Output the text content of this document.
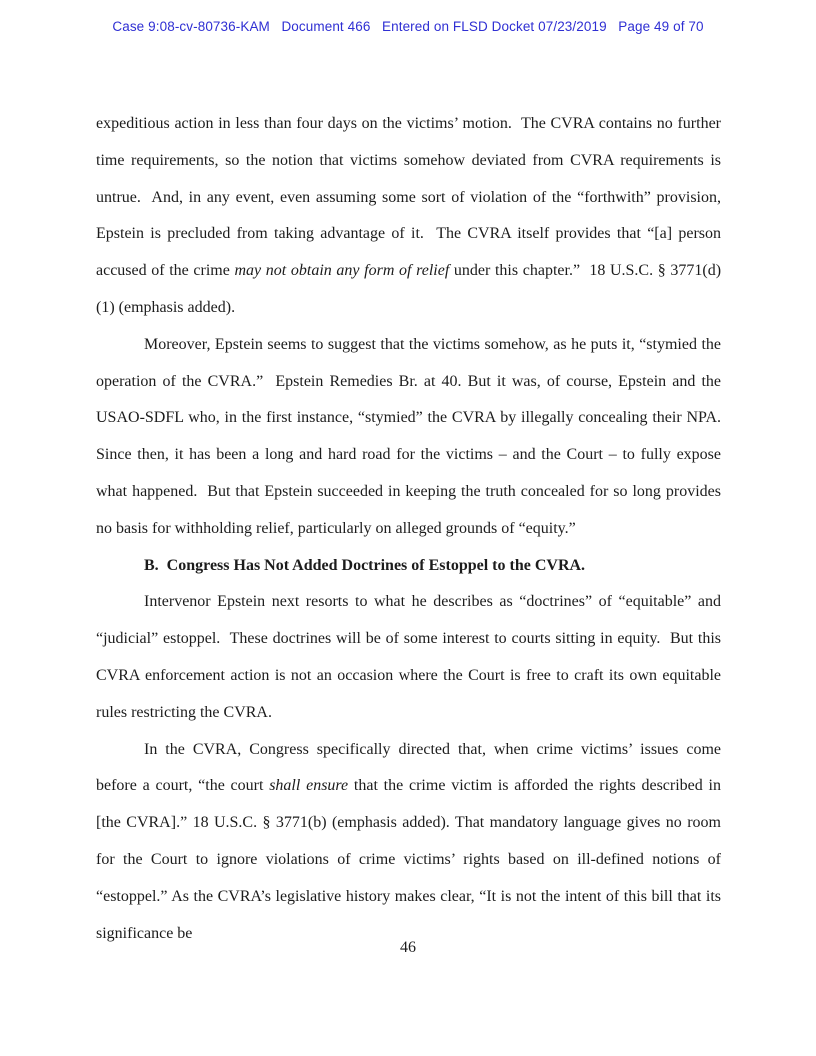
Case 9:08-cv-80736-KAM   Document 466   Entered on FLSD Docket 07/23/2019   Page 49 of 70

expeditious action in less than four days on the victims’ motion.  The CVRA contains no further time requirements, so the notion that victims somehow deviated from CVRA requirements is untrue.  And, in any event, even assuming some sort of violation of the “forthwith” provision, Epstein is precluded from taking advantage of it.  The CVRA itself provides that “[a] person accused of the crime may not obtain any form of relief under this chapter.”  18 U.S.C. § 3771(d)(1) (emphasis added).

Moreover, Epstein seems to suggest that the victims somehow, as he puts it, “stymied the operation of the CVRA.”  Epstein Remedies Br. at 40. But it was, of course, Epstein and the USAO-SDFL who, in the first instance, “stymied” the CVRA by illegally concealing their NPA. Since then, it has been a long and hard road for the victims – and the Court – to fully expose what happened.  But that Epstein succeeded in keeping the truth concealed for so long provides no basis for withholding relief, particularly on alleged grounds of “equity.”

B.  Congress Has Not Added Doctrines of Estoppel to the CVRA.

Intervenor Epstein next resorts to what he describes as “doctrines” of “equitable” and “judicial” estoppel.  These doctrines will be of some interest to courts sitting in equity.  But this CVRA enforcement action is not an occasion where the Court is free to craft its own equitable rules restricting the CVRA.

In the CVRA, Congress specifically directed that, when crime victims’ issues come before a court, “the court shall ensure that the crime victim is afforded the rights described in [the CVRA].” 18 U.S.C. § 3771(b) (emphasis added). That mandatory language gives no room for the Court to ignore violations of crime victims’ rights based on ill-defined notions of “estoppel.” As the CVRA’s legislative history makes clear, “It is not the intent of this bill that its significance be

46
